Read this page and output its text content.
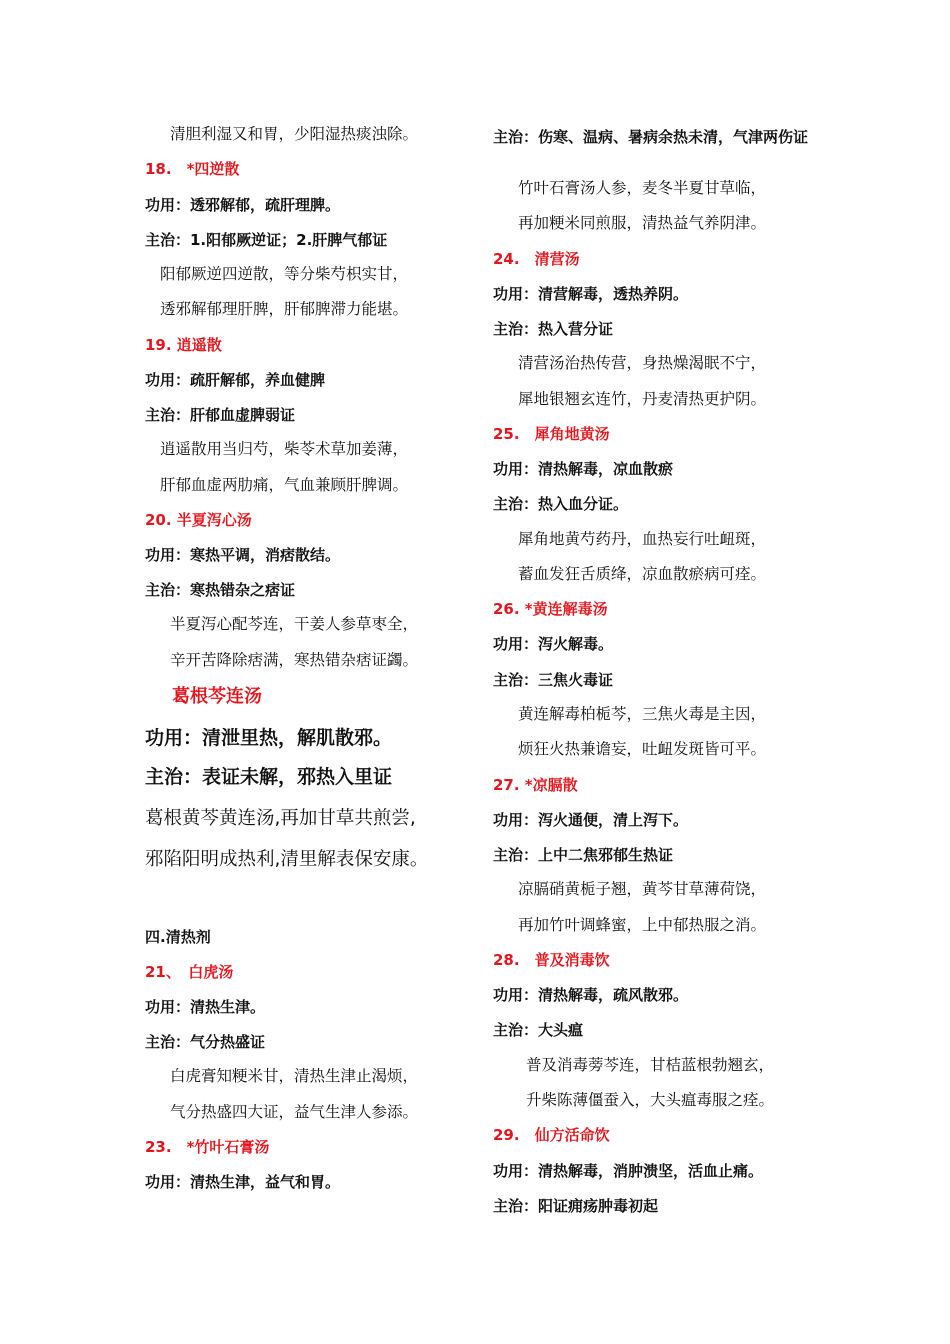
清胆利湿又和胃，少阳湿热痰浊除。
18.　*四逆散
功用：透邪解郁，疏肝理脾。
主治：1.阳郁厥逆证；2.肝脾气郁证
阳郁厥逆四逆散，等分柴芍枳实甘，
透邪解郁理肝脾，肝郁脾滞力能堪。
19. 逍遥散
功用：疏肝解郁，养血健脾
主治：肝郁血虚脾弱证
逍遥散用当归芍，柴苓术草加姜薄，
肝郁血虚两肋痛，气血兼顾肝脾调。
20. 半夏泻心汤
功用：寒热平调，消痞散结。
主治：寒热错杂之痞证
半夏泻心配芩连，干姜人参草枣全，
辛开苦降除痞满，寒热错杂痞证蠲。
葛根芩连汤
功用：清泄里热，解肌散邪。
主治：表证未解，邪热入里证
葛根黄芩黄连汤,再加甘草共煎尝,
邪陷阳明成热利,清里解表保安康。
四.清热剂
21、　白虎汤
功用：清热生津。
主治：气分热盛证
白虎膏知粳米甘，清热生津止渴烦，
气分热盛四大证，益气生津人参添。
23.　*竹叶石膏汤
功用：清热生津，益气和胃。
主治：伤寒、温病、暑病余热未清，气津两伤证
竹叶石膏汤人参，麦冬半夏甘草临，
再加粳米同煎服，清热益气养阴津。
24.　清营汤
功用：清营解毒，透热养阴。
主治：热入营分证
清营汤治热传营，身热燥渴眠不宁，
犀地银翘玄连竹，丹麦清热更护阴。
25.　犀角地黄汤
功用：清热解毒，凉血散瘀
主治：热入血分证。
犀角地黄芍药丹，血热妄行吐衄斑，
蓄血发狂舌质绛，凉血散瘀病可痊。
26. *黄连解毒汤
功用：泻火解毒。
主治：三焦火毒证
黄连解毒柏栀芩，三焦火毒是主因，
烦狂火热兼谵妄，吐衄发斑皆可平。
27. *凉膈散
功用：泻火通便，清上泻下。
主治：上中二焦邪郁生热证
凉膈硝黄栀子翘，黄芩甘草薄荷饶，
再加竹叶调蜂蜜，上中郁热服之消。
28.　普及消毒饮
功用：清热解毒，疏风散邪。
主治：大头瘟
普及消毒蒡芩连，甘桔蓝根勃翘玄，
升柴陈薄僵蚕入，大头瘟毒服之痊。
29.　仙方活命饮
功用：清热解毒，消肿溃坚，活血止痛。
主治：阳证痈疡肿毒初起
